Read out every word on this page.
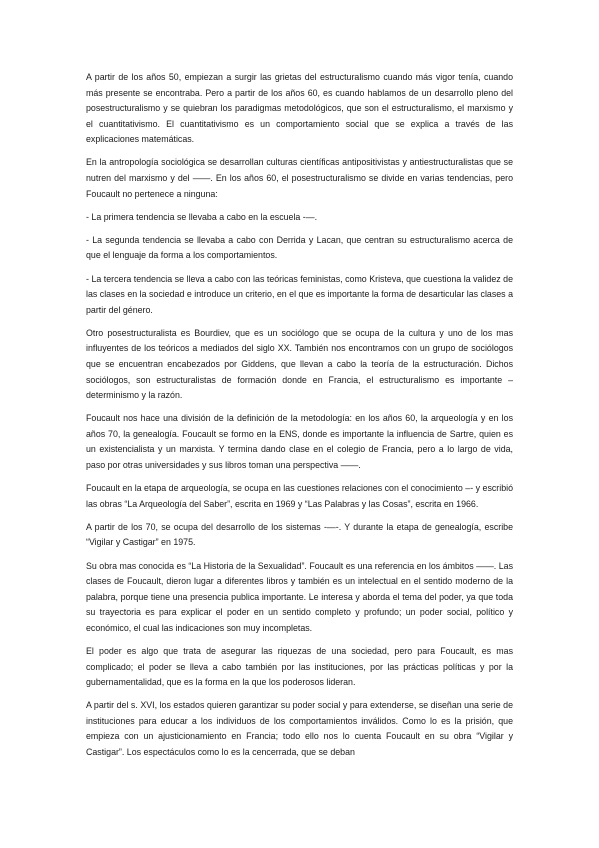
A partir de los años 50, empiezan a surgir las grietas del estructuralismo cuando más vigor tenía, cuando más presente se encontraba. Pero a partir de los años 60, es cuando hablamos de un desarrollo pleno del posestructuralismo y se quiebran los paradigmas metodológicos, que son el estructuralismo, el marxismo y el cuantitativismo. El cuantitativismo es un comportamiento social que se explica a través de las explicaciones matemáticas.

En la antropología sociológica se desarrollan culturas científicas antipositivistas y antiestructuralistas que se nutren del marxismo y del ——. En los años 60, el posestructuralismo se divide en varias tendencias, pero Foucault no pertenece a ninguna:

- La primera tendencia se llevaba a cabo en la escuela -—.

- La segunda tendencia se llevaba a cabo con Derrida y Lacan, que centran su estructuralismo acerca de que el lenguaje da forma a los comportamientos.

- La tercera tendencia se lleva a cabo con las teóricas feministas, como Kristeva, que cuestiona la validez de las clases en la sociedad e introduce un criterio, en el que es importante la forma de desarticular las clases a partir del género.

Otro posestructuralista es Bourdiev, que es un sociólogo que se ocupa de la cultura y uno de los mas influyentes de los teóricos a mediados del siglo XX. También nos encontramos con un grupo de sociólogos que se encuentran encabezados por Giddens, que llevan a cabo la teoría de la estructuración. Dichos sociólogos, son estructuralistas de formación donde en Francia, el estructuralismo es importante – determinismo y la razón.

Foucault nos hace una división de la definición de la metodología: en los años 60, la arqueología y en los años 70, la genealogía. Foucault se formo en la ENS, donde es importante la influencia de Sartre, quien es un existencialista y un marxista. Y termina dando clase en el colegio de Francia, pero a lo largo de vida, paso por otras universidades y sus libros toman una perspectiva ——.

Foucault en la etapa de arqueología, se ocupa en las cuestiones relaciones con el conocimiento –- y escribió las obras “La Arqueología del Saber”, escrita en 1969 y “Las Palabras y las Cosas”, escrita en 1966.

A partir de los 70, se ocupa del desarrollo de los sistemas -—-. Y durante la etapa de genealogía, escribe “Vigilar y Castigar” en 1975.

Su obra mas conocida es “La Historia de la Sexualidad”. Foucault es una referencia en los ámbitos ——. Las clases de Foucault, dieron lugar a diferentes libros y también es un intelectual en el sentido moderno de la palabra, porque tiene una presencia publica importante. Le interesa y aborda el tema del poder, ya que toda su trayectoria es para explicar el poder en un sentido completo y profundo; un poder social, político y económico, el cual las indicaciones son muy incompletas.

El poder es algo que trata de asegurar las riquezas de una sociedad, pero para Foucault, es mas complicado; el poder se lleva a cabo también por las instituciones, por las prácticas políticas y por la gubernamentalidad, que es la forma en la que los poderosos lideran.

A partir del s. XVI, los estados quieren garantizar su poder social y para extenderse, se diseñan una serie de instituciones para educar a los individuos de los comportamientos inválidos. Como lo es la prisión, que empieza con un ajusticionamiento en Francia; todo ello nos lo cuenta Foucault en su obra “Vigilar y Castigar”. Los espectáculos como lo es la cencerrada, que se deban
